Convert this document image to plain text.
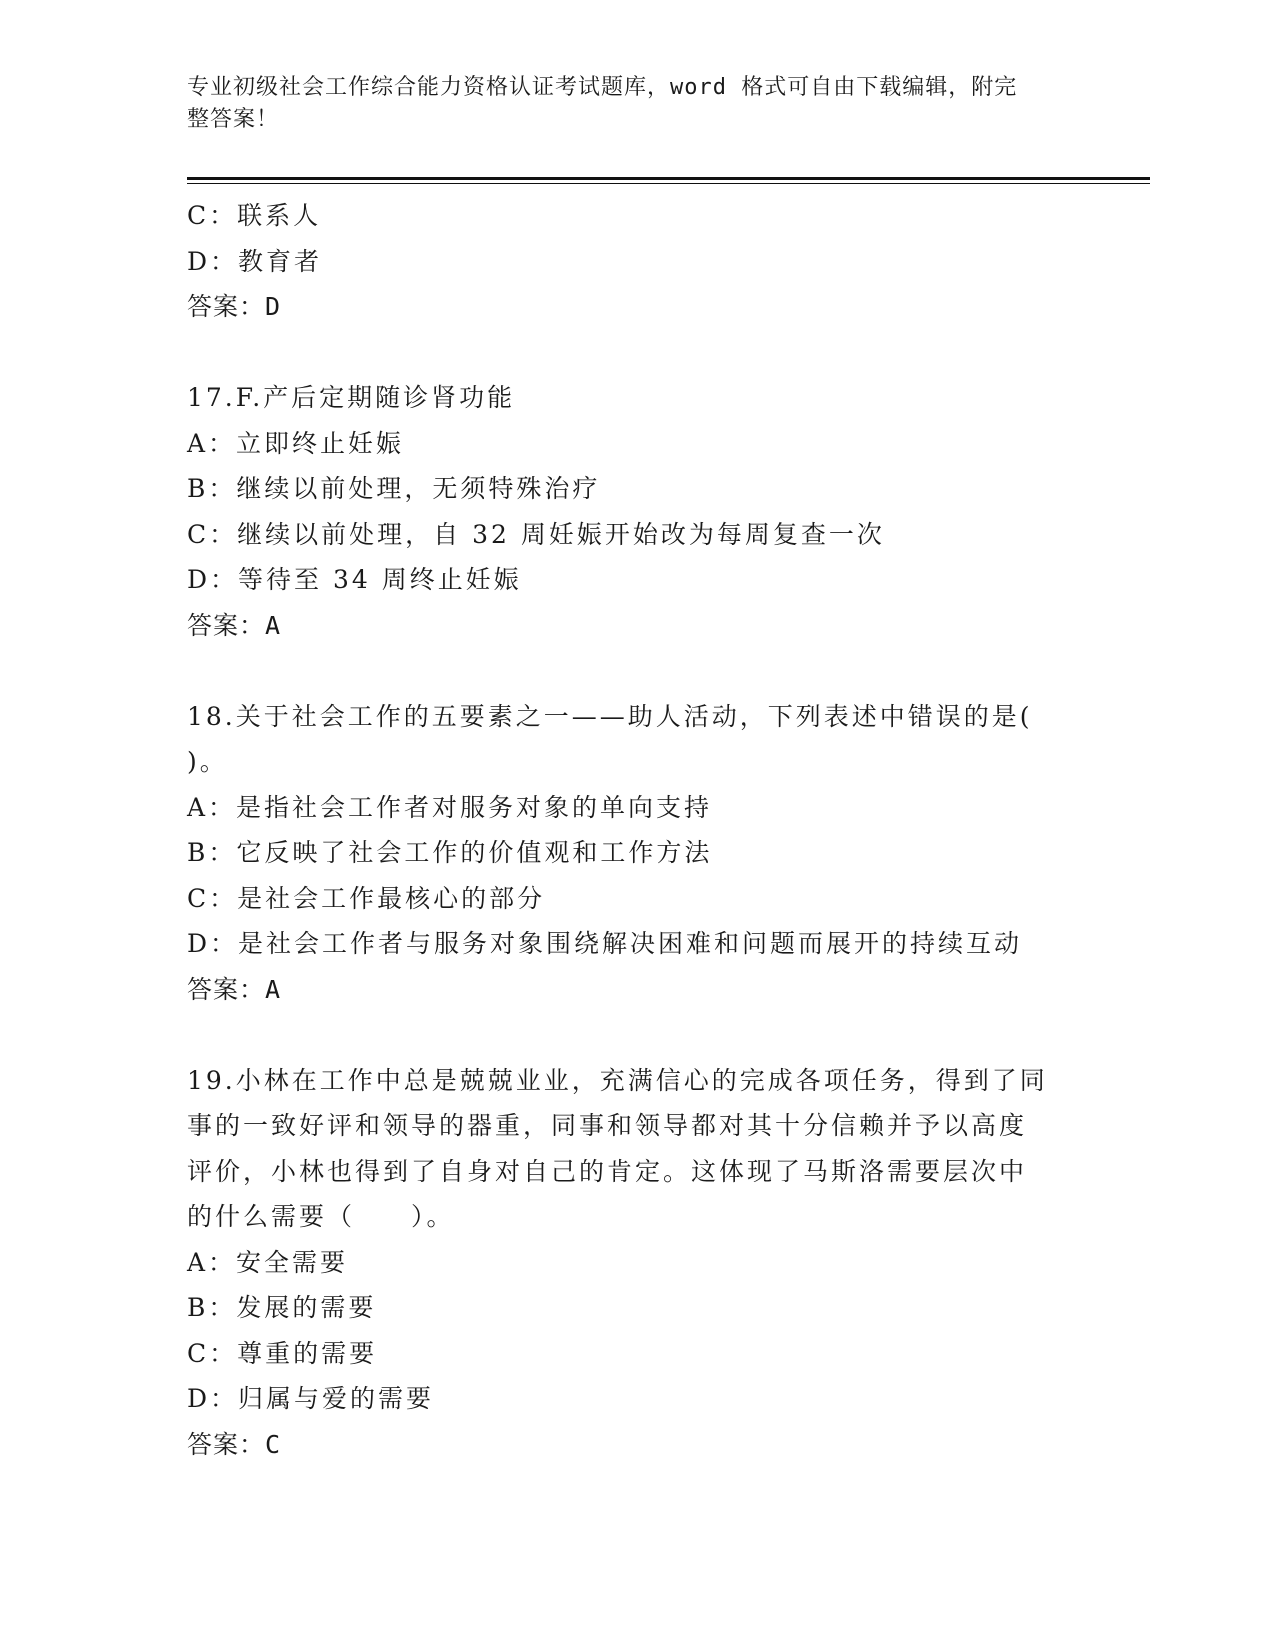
专业初级社会工作综合能力资格认证考试题库，word 格式可自由下载编辑，附完
整答案！
C：联系人
D：教育者
答案：D
17.F.产后定期随诊肾功能
A：立即终止妊娠
B：继续以前处理，无须特殊治疗
C：继续以前处理，自 32 周妊娠开始改为每周复查一次
D：等待至 34 周终止妊娠
答案：A
18.关于社会工作的五要素之一——助人活动，下列表述中错误的是(
)。
A：是指社会工作者对服务对象的单向支持
B：它反映了社会工作的价值观和工作方法
C：是社会工作最核心的部分
D：是社会工作者与服务对象围绕解决困难和问题而展开的持续互动
答案：A
19.小林在工作中总是兢兢业业，充满信心的完成各项任务，得到了同
事的一致好评和领导的器重，同事和领导都对其十分信赖并予以高度
评价，小林也得到了自身对自己的肯定。这体现了马斯洛需要层次中
的什么需要（　　）。
A：安全需要
B：发展的需要
C：尊重的需要
D：归属与爱的需要
答案：C
